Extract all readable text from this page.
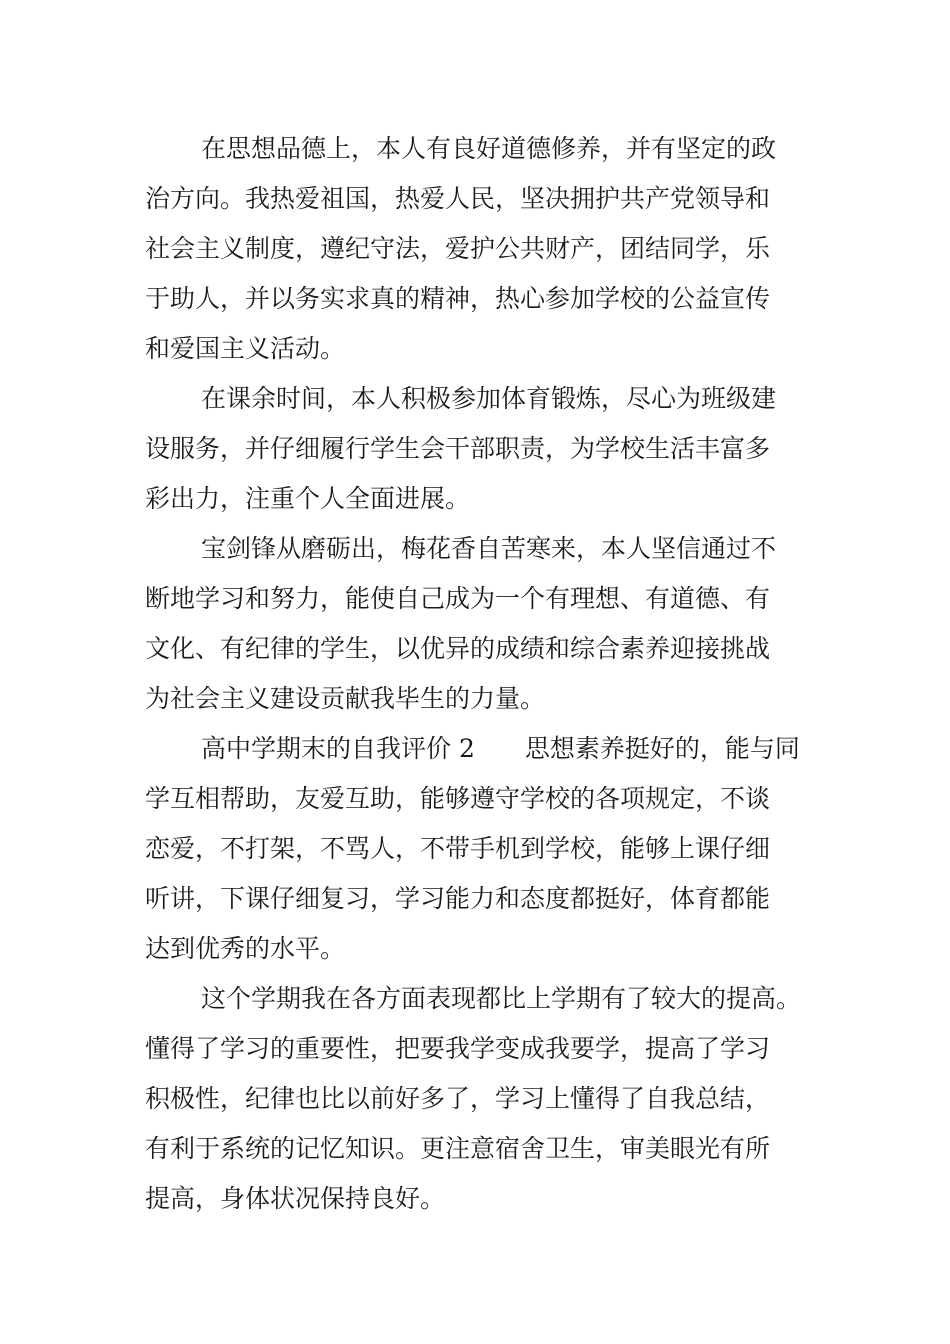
在思想品德上，本人有良好道德修养，并有坚定的政
治方向。我热爱祖国，热爱人民，坚决拥护共产党领导和
社会主义制度，遵纪守法，爱护公共财产，团结同学，乐
于助人，并以务实求真的精神，热心参加学校的公益宣传
和爱国主义活动。
在课余时间，本人积极参加体育锻炼，尽心为班级建
设服务，并仔细履行学生会干部职责，为学校生活丰富多
彩出力，注重个人全面进展。
宝剑锋从磨砺出，梅花香自苦寒来，本人坚信通过不
断地学习和努力，能使自己成为一个有理想、有道德、有
文化、有纪律的学生，以优异的成绩和综合素养迎接挑战
为社会主义建设贡献我毕生的力量。
高中学期末的自我评价 2　　思想素养挺好的，能与同
学互相帮助，友爱互助，能够遵守学校的各项规定，不谈
恋爱，不打架，不骂人，不带手机到学校，能够上课仔细
听讲，下课仔细复习，学习能力和态度都挺好，体育都能
达到优秀的水平。
这个学期我在各方面表现都比上学期有了较大的提高。
懂得了学习的重要性，把要我学变成我要学，提高了学习
积极性，纪律也比以前好多了，学习上懂得了自我总结，
有利于系统的记忆知识。更注意宿舍卫生，审美眼光有所
提高，身体状况保持良好。
